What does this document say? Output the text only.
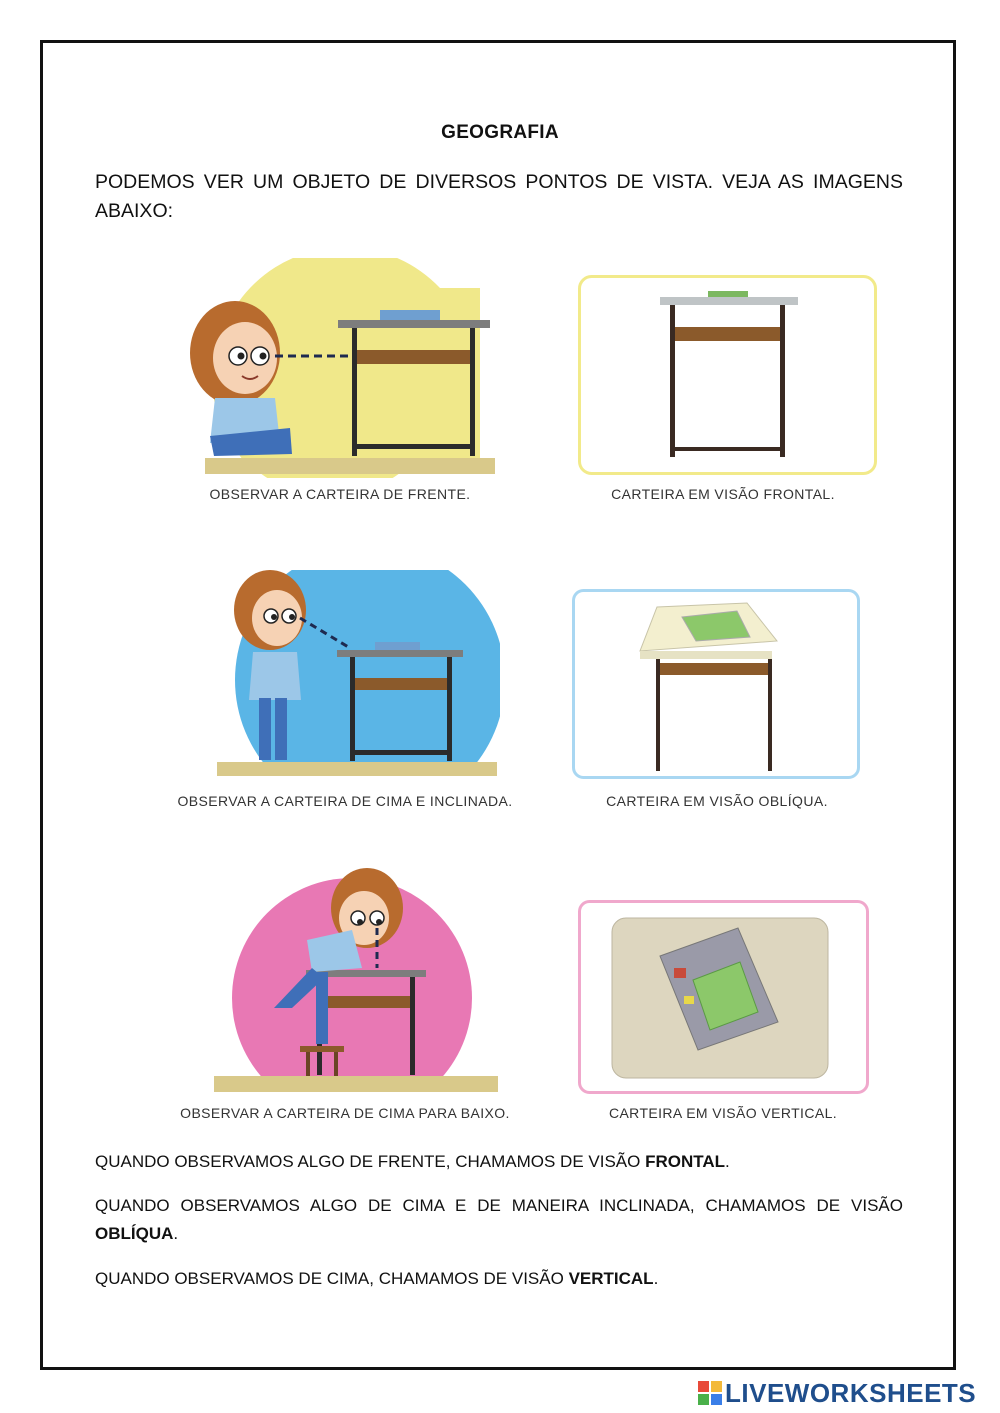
GEOGRAFIA
PODEMOS VER UM OBJETO DE DIVERSOS PONTOS DE VISTA. VEJA AS IMAGENS ABAIXO:
OBSERVAR A CARTEIRA DE FRENTE.	CARTEIRA EM VISÃO FRONTAL.
OBSERVAR A CARTEIRA DE CIMA E INCLINADA.	CARTEIRA EM VISÃO OBLÍQUA.
OBSERVAR A CARTEIRA DE CIMA PARA BAIXO.	CARTEIRA EM VISÃO VERTICAL.
QUANDO OBSERVAMOS ALGO DE FRENTE, CHAMAMOS DE VISÃO FRONTAL.
QUANDO OBSERVAMOS ALGO DE CIMA E DE MANEIRA INCLINADA, CHAMAMOS DE VISÃO OBLÍQUA.
QUANDO OBSERVAMOS DE CIMA, CHAMAMOS DE VISÃO VERTICAL.
LIVEWORKSHEETS
